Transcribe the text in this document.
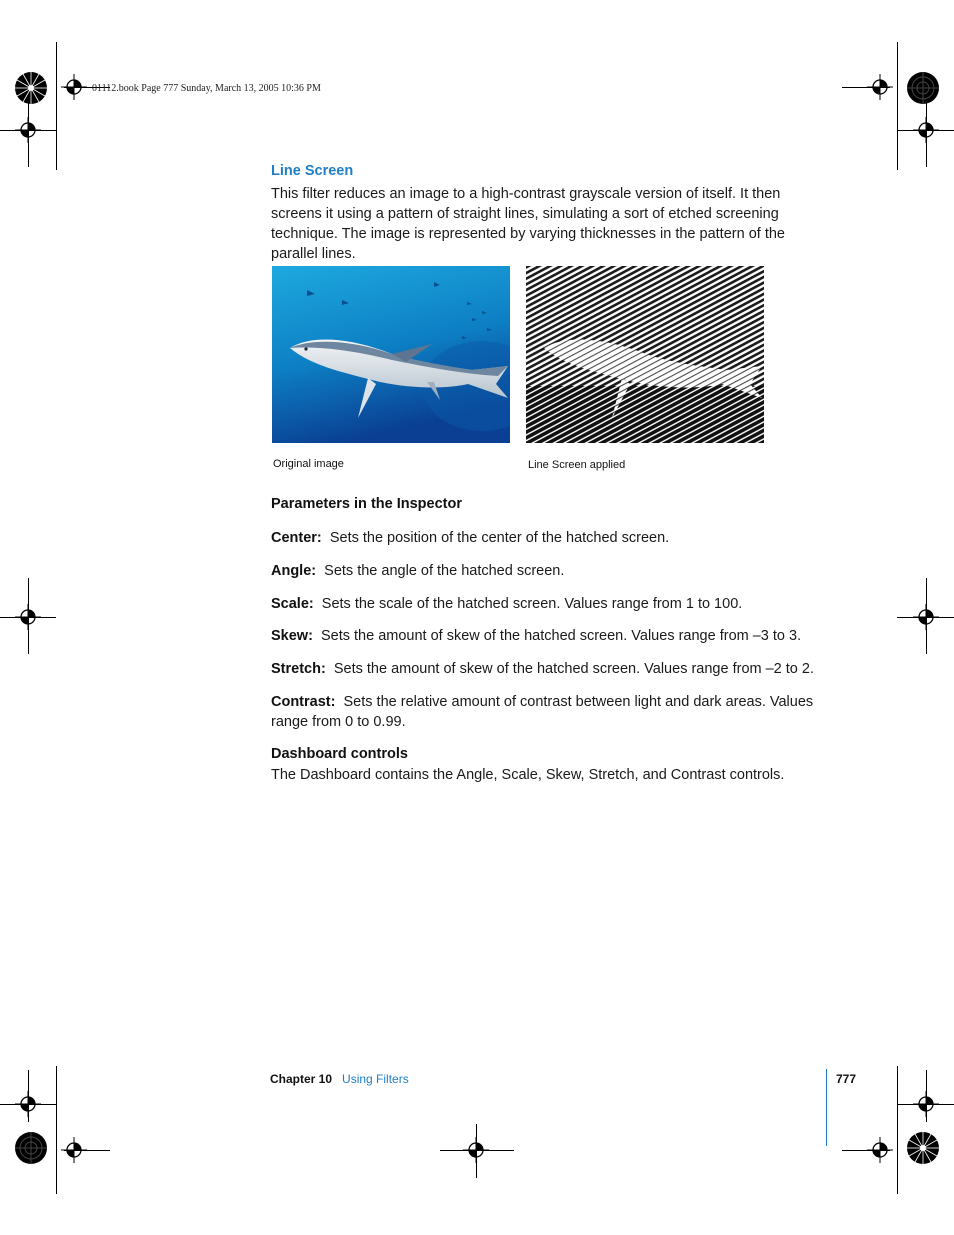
01112.book Page 777 Sunday, March 13, 2005 10:36 PM
Line Screen
This filter reduces an image to a high-contrast grayscale version of itself. It then screens it using a pattern of straight lines, simulating a sort of etched screening technique. The image is represented by varying thicknesses in the pattern of the parallel lines.
Original image	Line Screen applied
Parameters in the Inspector
Center: Sets the position of the center of the hatched screen.
Angle: Sets the angle of the hatched screen.
Scale: Sets the scale of the hatched screen. Values range from 1 to 100.
Skew: Sets the amount of skew of the hatched screen. Values range from –3 to 3.
Stretch: Sets the amount of skew of the hatched screen. Values range from –2 to 2.
Contrast: Sets the relative amount of contrast between light and dark areas. Values range from 0 to 0.99.
Dashboard controls
The Dashboard contains the Angle, Scale, Skew, Stretch, and Contrast controls.
Chapter 10 Using Filters	777
